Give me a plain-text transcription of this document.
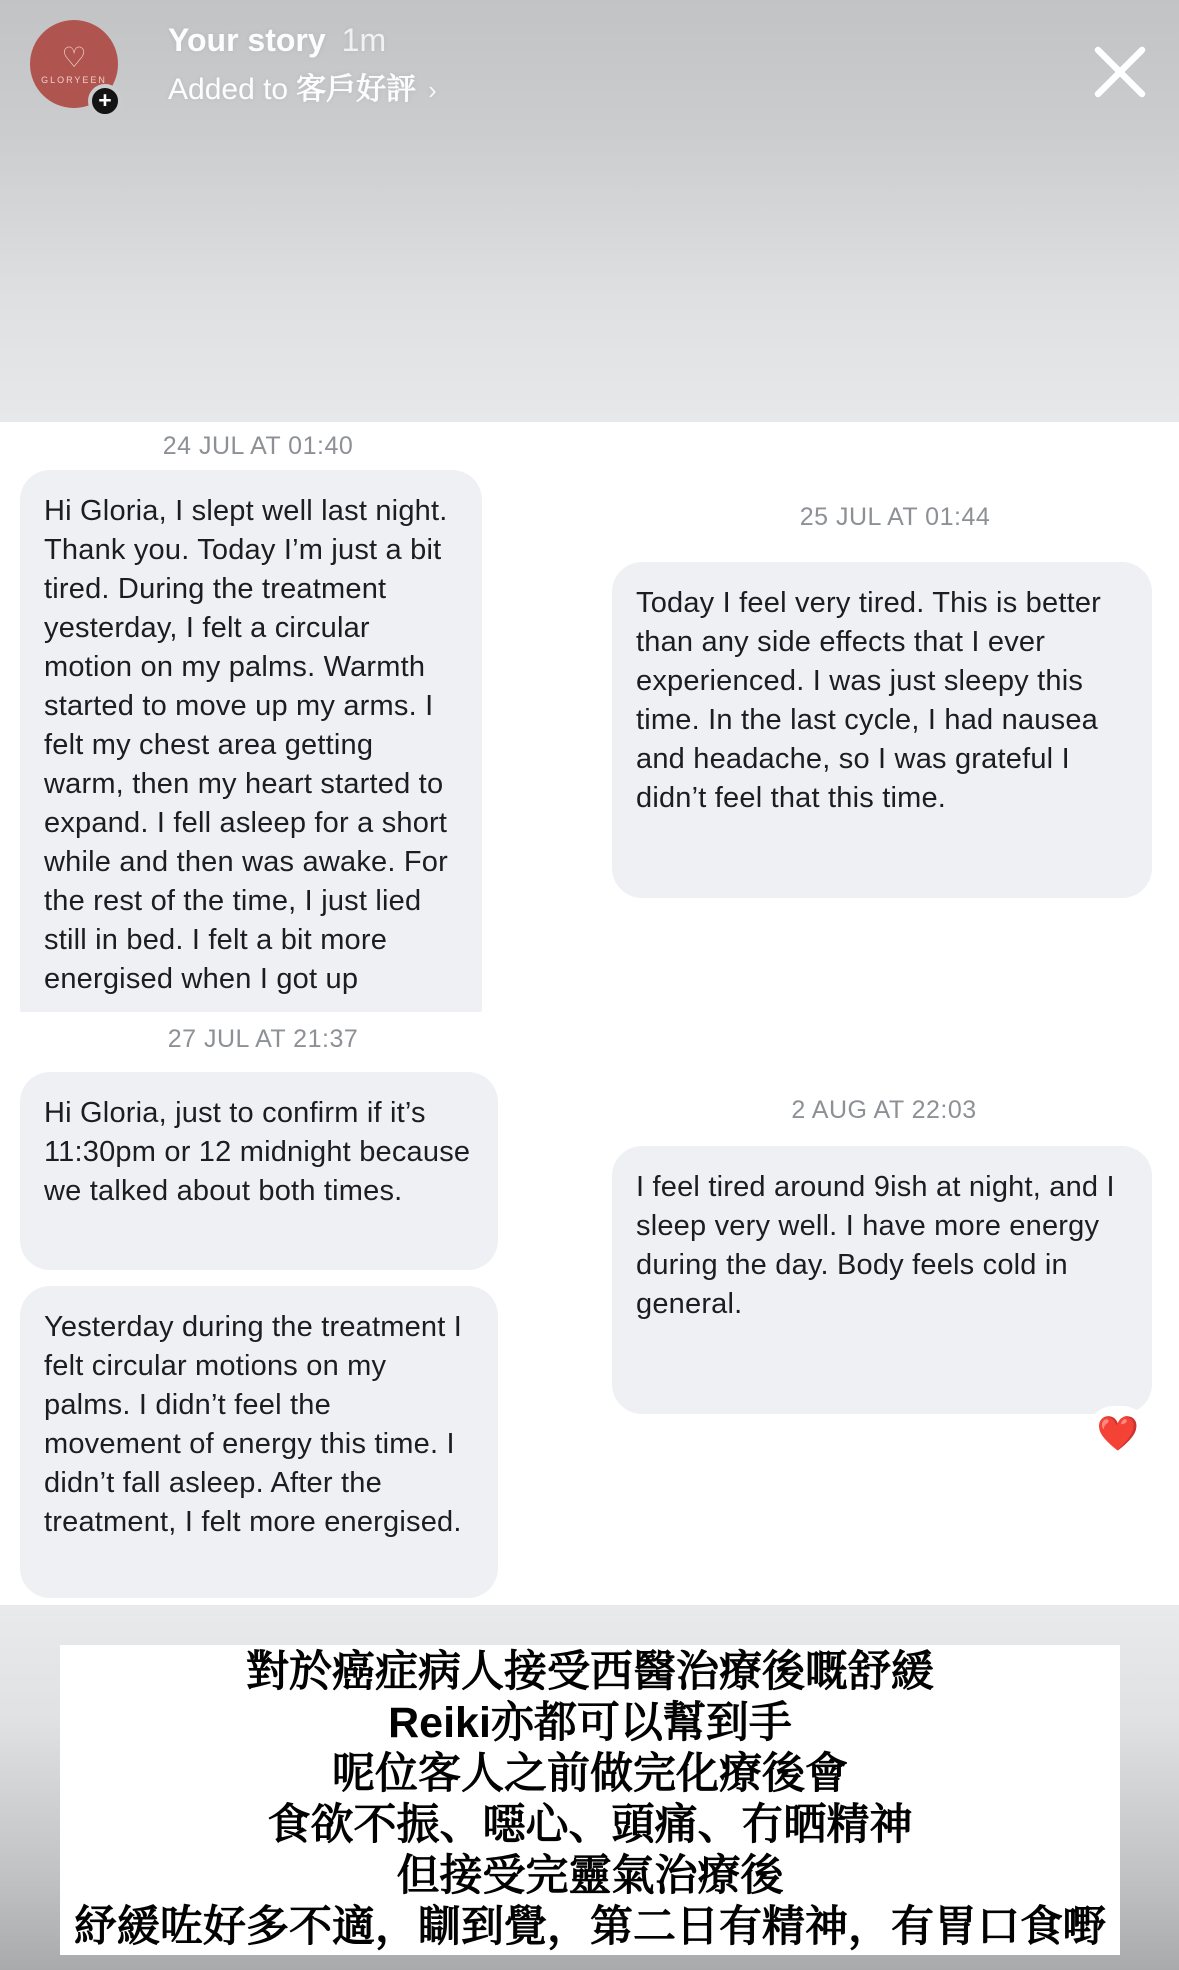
♡
GLORYEEN
+
Your story 1m
Added to 客戶好評 ›
24 JUL AT 01:40
Hi Gloria, I slept well last night. Thank you. Today I’m just a bit tired. During the treatment yesterday, I felt a circular motion on my palms. Warmth started to move up my arms. I felt my chest area getting warm, then my heart started to expand. I fell asleep for a short while and then was awake. For the rest of the time, I just lied still in bed. I felt a bit more energised when I got up
25 JUL AT 01:44
Today I feel very tired. This is better than any side effects that I ever experienced. I was just sleepy this time. In the last cycle, I had nausea and headache, so I was grateful I didn’t feel that this time.
27 JUL AT 21:37
Hi Gloria, just to confirm if it’s 11:30pm or 12 midnight because we talked about both times.
2 AUG AT 22:03
I feel tired around 9ish at night, and I sleep very well. I have more energy during the day. Body feels cold in general.
❤️
Yesterday during the treatment I felt circular motions on my palms. I didn’t feel the movement of energy this time. I didn’t fall asleep. After the treatment, I felt more energised.
對於癌症病人接受西醫治療後嘅舒緩
Reiki亦都可以幫到手
呢位客人之前做完化療後會
食欲不振、噁心、頭痛、冇晒精神
但接受完靈氣治療後
紓緩咗好多不適，瞓到覺，第二日有精神，有胃口食嘢
